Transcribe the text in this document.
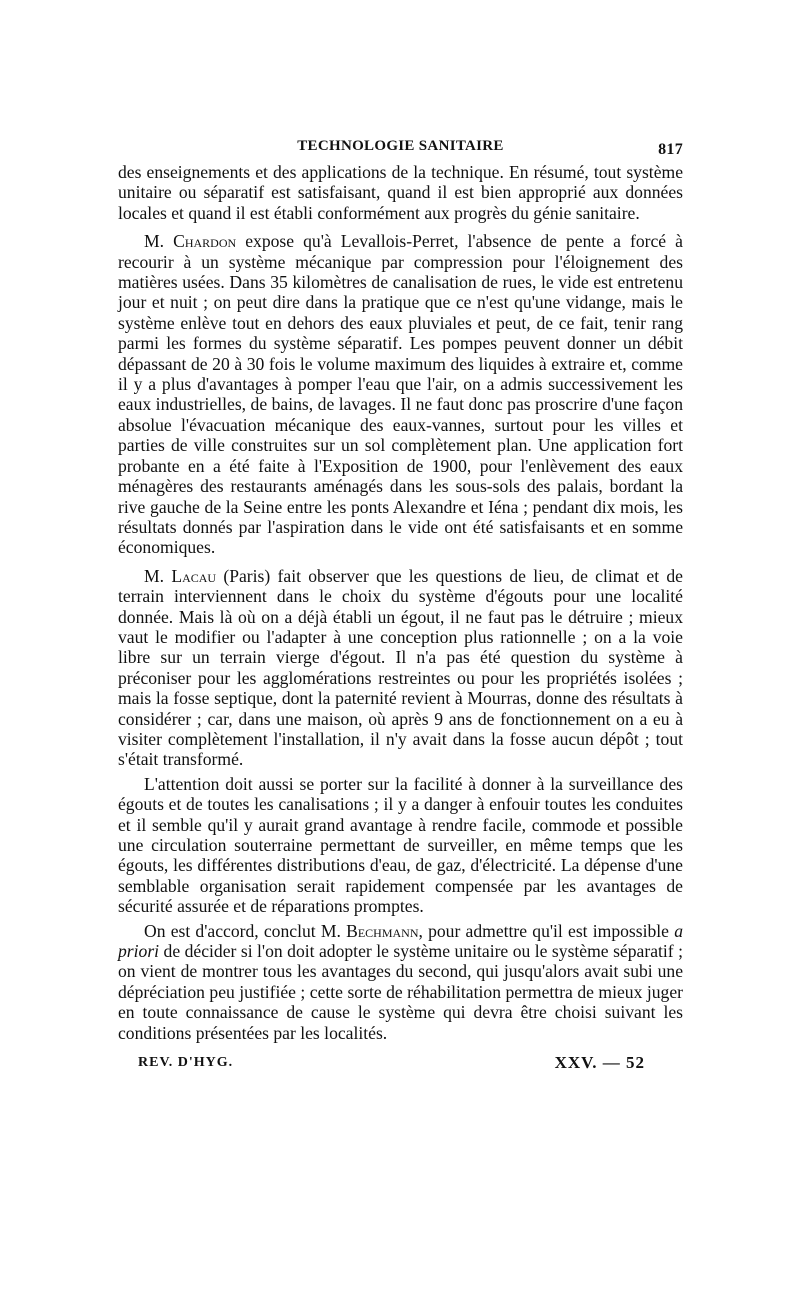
TECHNOLOGIE SANITAIRE	817

des enseignements et des applications de la technique. En résumé, tout système unitaire ou séparatif est satisfaisant, quand il est bien approprié aux données locales et quand il est établi conformément aux progrès du génie sanitaire.

M. Chardon expose qu'à Levallois-Perret, l'absence de pente a forcé à recourir à un système mécanique par compression pour l'éloignement des matières usées. Dans 35 kilomètres de canalisation de rues, le vide est entretenu jour et nuit ; on peut dire dans la pratique que ce n'est qu'une vidange, mais le système enlève tout en dehors des eaux pluviales et peut, de ce fait, tenir rang parmi les formes du système séparatif. Les pompes peuvent donner un débit dépassant de 20 à 30 fois le volume maximum des liquides à extraire et, comme il y a plus d'avantages à pomper l'eau que l'air, on a admis successivement les eaux industrielles, de bains, de lavages. Il ne faut donc pas proscrire d'une façon absolue l'évacuation mécanique des eaux-vannes, surtout pour les villes et parties de ville construites sur un sol complètement plan. Une application fort probante en a été faite à l'Exposition de 1900, pour l'enlèvement des eaux ménagères des restaurants aménagés dans les sous-sols des palais, bordant la rive gauche de la Seine entre les ponts Alexandre et Iéna ; pendant dix mois, les résultats donnés par l'aspiration dans le vide ont été satisfaisants et en somme économiques.

M. Lacau (Paris) fait observer que les questions de lieu, de climat et de terrain interviennent dans le choix du système d'égouts pour une localité donnée. Mais là où on a déjà établi un égout, il ne faut pas le détruire ; mieux vaut le modifier ou l'adapter à une conception plus rationnelle ; on a la voie libre sur un terrain vierge d'égout. Il n'a pas été question du système à préconiser pour les agglomérations restreintes ou pour les propriétés isolées ; mais la fosse septique, dont la paternité revient à Mourras, donne des résultats à considérer ; car, dans une maison, où après 9 ans de fonctionnement on a eu à visiter complètement l'installation, il n'y avait dans la fosse aucun dépôt ; tout s'était transformé.

L'attention doit aussi se porter sur la facilité à donner à la surveillance des égouts et de toutes les canalisations ; il y a danger à enfouir toutes les conduites et il semble qu'il y aurait grand avantage à rendre facile, commode et possible une circulation souterraine permettant de surveiller, en même temps que les égouts, les différentes distributions d'eau, de gaz, d'électricité. La dépense d'une semblable organisation serait rapidement compensée par les avantages de sécurité assurée et de réparations promptes.

On est d'accord, conclut M. Bechmann, pour admettre qu'il est impossible a priori de décider si l'on doit adopter le système unitaire ou le système séparatif ; on vient de montrer tous les avantages du second, qui jusqu'alors avait subi une dépréciation peu justifiée ; cette sorte de réhabilitation permettra de mieux juger en toute connaissance de cause le système qui devra être choisi suivant les conditions présentées par les localités.

REV. D'HYG.	XXV. — 52
